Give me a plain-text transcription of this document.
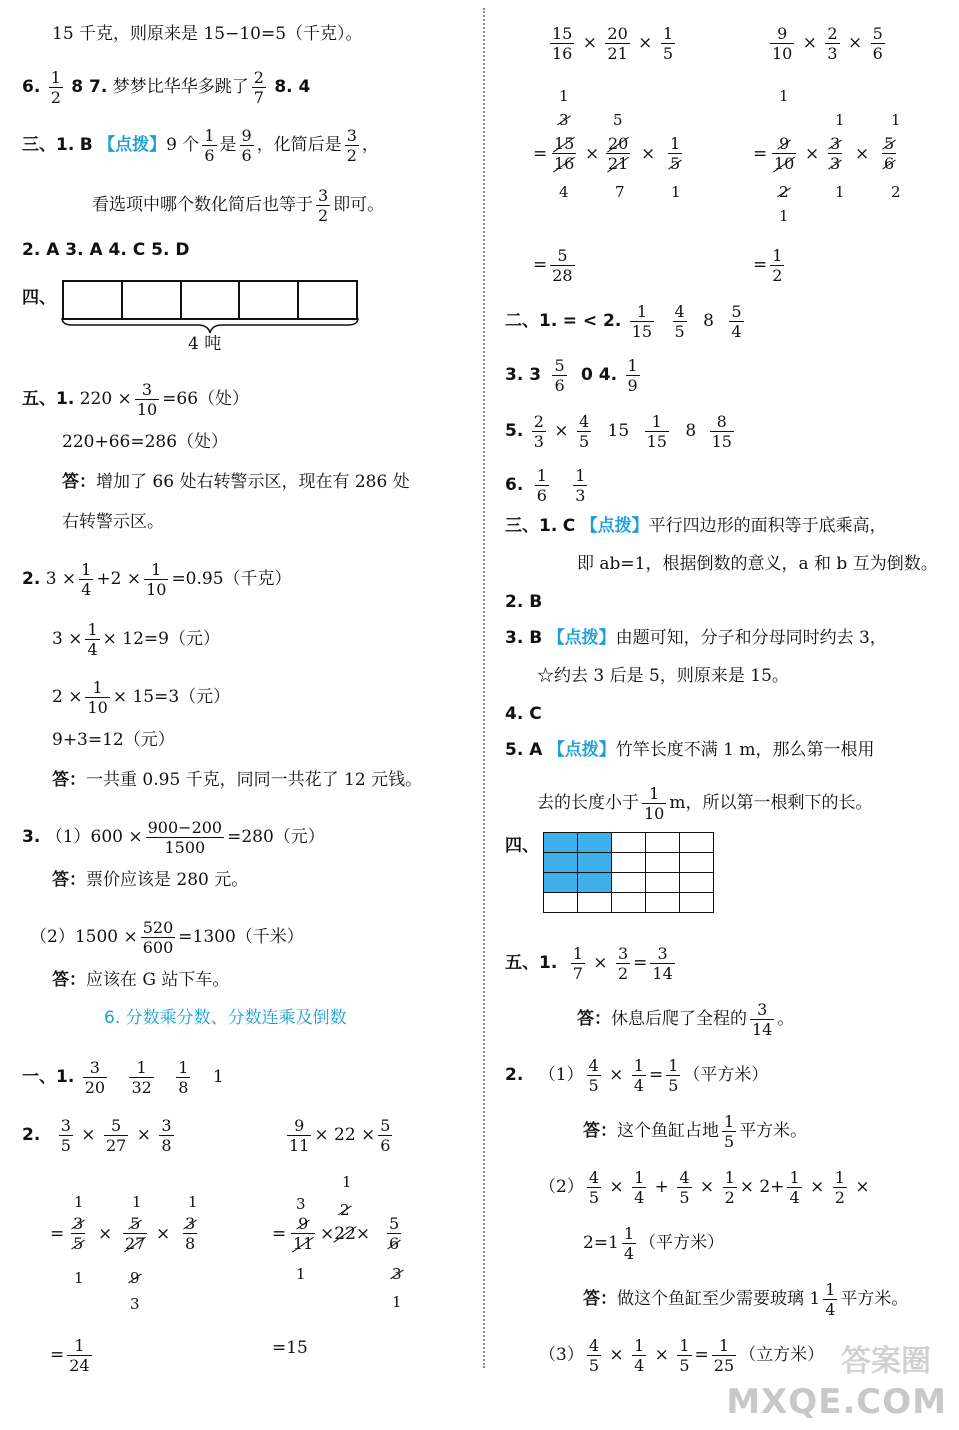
15 千克，则原来是 15−10=5（千克）。
6. $\frac{1}{2} 8$ 7. 梦梦比华华多跳了 $\frac{2}{7} 8$. 4
三、1. B 【点拨】9 个 $\frac{1}{6}$ 是 $\frac{9}{6}$ ，化简后是 $\frac{3}{2}$ ，
看选项中哪个数化简后也等于 $\frac{3}{2}$ 即可。
2. A 3. A 4. C 5. D
四、
4 吨
五、1. $220 \times \frac{3}{10} =66$（处）
220+66=286（处）
答：增加了 66 处右转警示区，现在有 286 处
右转警示区。
2. $3 \times \frac{1}{4} +2 \times \frac{1}{10} =0.95$（千克）
$3 \times \frac{1}{4} \times 12=9$（元）
$2 \times \frac{1}{10} \times 15=3$（元）
9+3=12（元）
答：一共重 0.95 千克，同同一共花了 12 元钱。
3. $(1)600 \times \frac{900-200}{1500} =280$（元）
答：票价应该是 280 元。
$(2)1500 \times \frac{520}{600} =1300$（千米）
答：应该在 G 站下车。
6. 分数乘分数、分数连乘及倒数
一、1. $\frac{3}{20}$
$\frac{1}{32}$
$\frac{1}{8} 1$
2. $\frac{3}{5} \times \frac{5}{27} \times \frac{3}{8}$	$\frac{9}{11} \times 22 \times \frac{5}{6}$
1	1	1
= $\frac{3}{5} \times \frac{5}{27} \times \frac{3}{8}$
1	9
3
1
3 2
= $\frac{9}{11} \times 22\times \frac{5}{6}$
1	3
1
= $\frac{1}{24}$	=15
$\frac{15}{16} \times \frac{20}{21} \times \frac{1}{5}$	$\frac{9}{10} \times \frac{2}{3} \times \frac{5}{6}$
1
3	5
= $\frac{15}{16} \times \frac{20}{21} \times \frac{1}{5}$
4	7	1
1
1	1
= $\frac{9}{10} \times \frac{3}{3} \times \frac{5}{6}$
2	1	2
1
= $\frac{5}{28}$	= $\frac{1}{2}$
二、1. = < 2. $\frac{1}{15}$
$\frac{4}{5} 8 \frac{5}{4}$
3. $3 \frac{5}{6} 0$ 4. $\frac{1}{9}$
5. $\frac{2}{3} \times \frac{4}{5} 15 \frac{1}{15} 8 \frac{8}{15}$
6. $\frac{1}{6}$
$\frac{1}{3}$
三、1. C 【点拨】平行四边形的面积等于底乘高，
即 ab=1，根据倒数的意义，a 和 b 互为倒数。
2. B
3. B 【点拨】由题可知，分子和分母同时约去 3，
☆约去 3 后是 5，则原来是 15。
4. C
5. A 【点拨】竹竿长度不满 1 m，那么第一根用
去的长度小于 $\frac{1}{10}$ m，所以第一根剩下的长。
四、

五、1. $\frac{1}{7} \times \frac{3}{2} = \frac{3}{14}$
答：休息后爬了全程的 $\frac{3}{14}$ 。
2. $(1) \frac{4}{5} \times \frac{1}{4} = \frac{1}{5}$ （平方米）
答：这个鱼缸占地 $\frac{1}{5}$ 平方米。
$(2) \frac{4}{5} \times \frac{1}{4} + \frac{4}{5} \times \frac{1}{2} \times 2+ \frac{1}{4} \times \frac{1}{2}$ ×
$2=1 \frac{1}{4}$ （平方米）
答：做这个鱼缸至少需要玻璃 $1 \frac{1}{4}$ 平方米。
$(3) \frac{4}{5} \times \frac{1}{4} \times \frac{1}{5} = \frac{1}{25}$ （立方米） 答案圈
MXQE.COM
